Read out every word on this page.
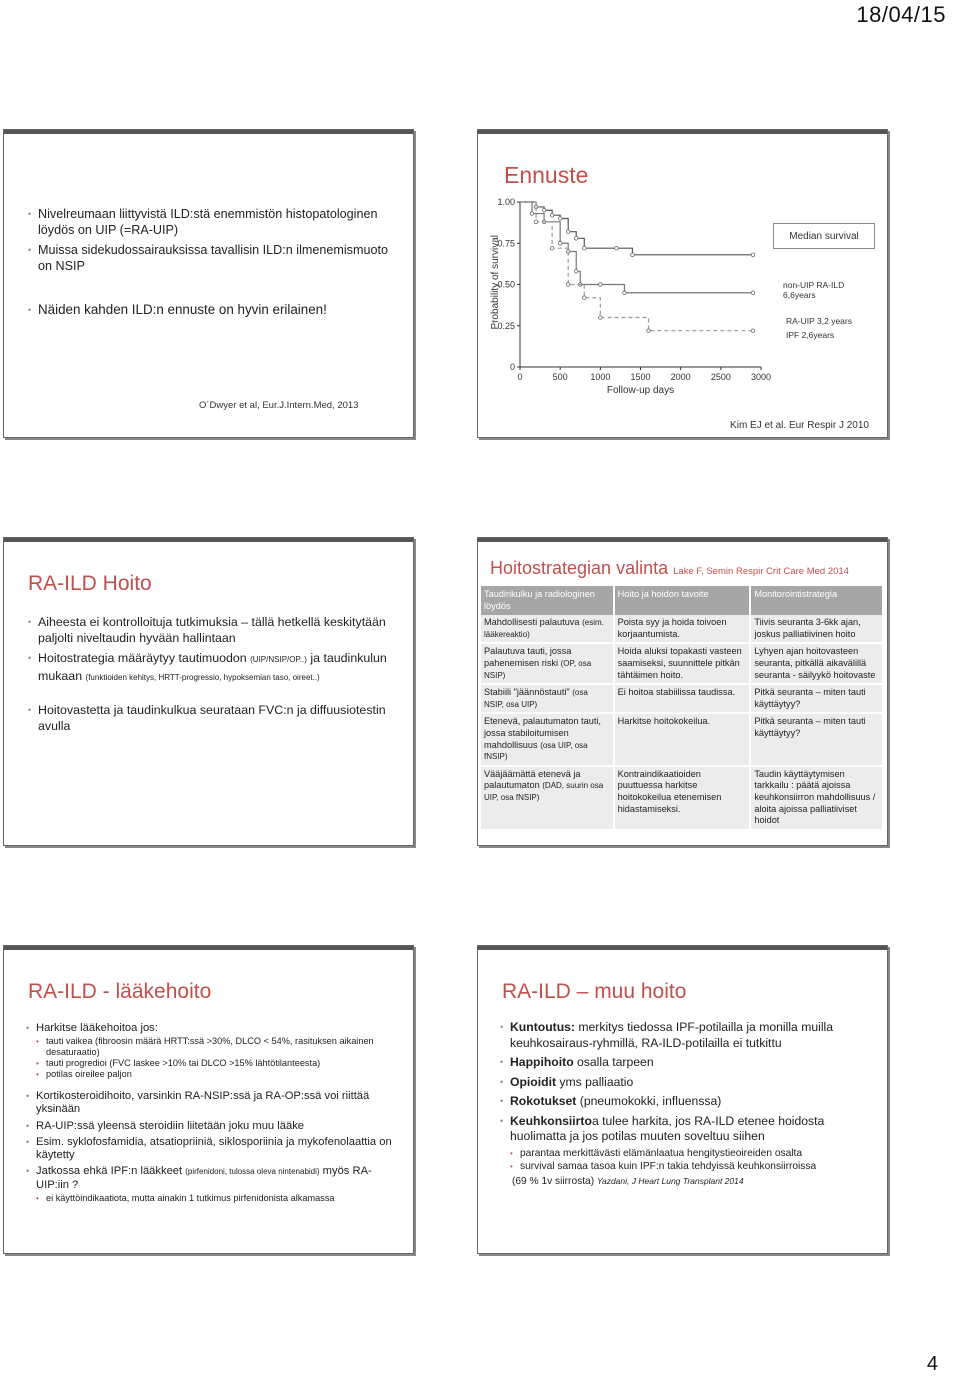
18/04/15
• Nivelreumaan liittyvistä ILD:stä enemmistön histopatologinen löydös on UIP (=RA-UIP)
• Muissa sidekudossairauksissa tavallisin ILD:n ilmenemismuoto on NSIP
• Näiden kahden ILD:n ennuste on hyvin erilainen!
O´Dwyer et al, Eur.J.Intern.Med, 2013
Ennuste
0
0.25
0.50
0.75
1.00
0	500	1000 1500 2000 2500 3000
Probability of survival
Follow-up days
Median survival
non-UIP RA-ILD 6,6years
RA-UIP 3,2 years
IPF 2,6years
Kim EJ et al. Eur Respir J 2010
RA-ILD Hoito
• Aiheesta ei kontrolloituja tutkimuksia – tällä hetkellä keskitytään paljolti niveltaudin hyvään hallintaan
• Hoitostrategia määräytyy tautimuodon (UIP/NSIP/OP..) ja taudinkulun mukaan (funktioiden kehitys, HRTT-progressio, hypoksemian taso, oireet..)
• Hoitovastetta ja taudinkulkua seurataan FVC:n ja diffuusiotestin avulla
Hoitostrategian valinta Lake F, Semin Respir Crit Care Med 2014
Taudinkulku ja radiologinen löydös	Hoito ja hoidon tavoite	Monitorointistrategia
Mahdollisesti palautuva (esim. lääkereaktio)	Poista syy ja hoida toivoen korjaantumista.	Tiivis seuranta 3-6kk ajan, joskus palliatiivinen hoito
Palautuva tauti, jossa pahenemisen riski (OP, osa NSIP)	Hoida aluksi topakasti vasteen saamiseksi, suunnittele pitkän tähtäimen hoito.	Lyhyen ajan hoitovasteen seuranta, pitkällä aikavälillä seuranta - säilyykö hoitovaste
Stabiili "jäännöstauti" (osa NSIP, osa UIP)	Ei hoitoa stabiilissa taudissa.	Pitkä seuranta – miten tauti käyttäytyy?
Etenevä, palautumaton tauti, jossa stabiloitumisen mahdollisuus (osa UIP, osa fNSIP)	Harkitse hoitokokeilua.	Pitkä seuranta – miten tauti käyttäytyy?
Vääjäämättä etenevä ja palautumaton (DAD, suurin osa UIP, osa fNSIP)	Kontraindikaatioiden puuttuessa harkitse hoitokokeilua etenemisen hidastamiseksi.	Taudin käyttäytymisen tarkkailu : päätä ajoissa keuhkonsiirron mahdollisuus / aloita ajoissa palliatiiviset hoidot
RA-ILD - lääkehoito
• Harkitse lääkehoitoa jos:
• tauti vaikea (fibroosin määrä HRTT:ssä >30%, DLCO < 54%, rasituksen aikainen desaturaatio)
• tauti progredioi (FVC laskee >10% tai DLCO >15% lähtötilanteesta)
• potilas oireilee paljon
• Kortikosteroidihoito, varsinkin RA-NSIP:ssä ja RA-OP:ssä voi riittää yksinään
• RA-UIP:ssä yleensä steroidiin liitetään joku muu lääke
• Esim. syklofosfamidia, atsatiopriiniä, siklosporiinia ja mykofenolaattia on käytetty
• Jatkossa ehkä IPF:n lääkkeet (pirfenidoni, tulossa oleva nintenabidi) myös RA-UIP:iin ?
• ei käyttöindikaatiota, mutta ainakin 1 tutkimus pirfenidonista alkamassa
RA-ILD – muu hoito
• Kuntoutus: merkitys tiedossa IPF-potilailla ja monilla muilla keuhkosairaus-ryhmillä, RA-ILD-potilailla ei tutkittu
• Happihoito osalla tarpeen
• Opioidit yms palliaatio
• Rokotukset (pneumokokki, influenssa)
• Keuhkonsiirtoa tulee harkita, jos RA-ILD etenee hoidosta huolimatta ja jos potilas muuten soveltuu siihen
• parantaa merkittävästi elämänlaatua hengitystieoireiden osalta
• survival samaa tasoa kuin IPF:n takia tehdyissä keuhkonsiirroissa
(69 % 1v siirrosta) Yazdani, J Heart Lung Transplant 2014
4
